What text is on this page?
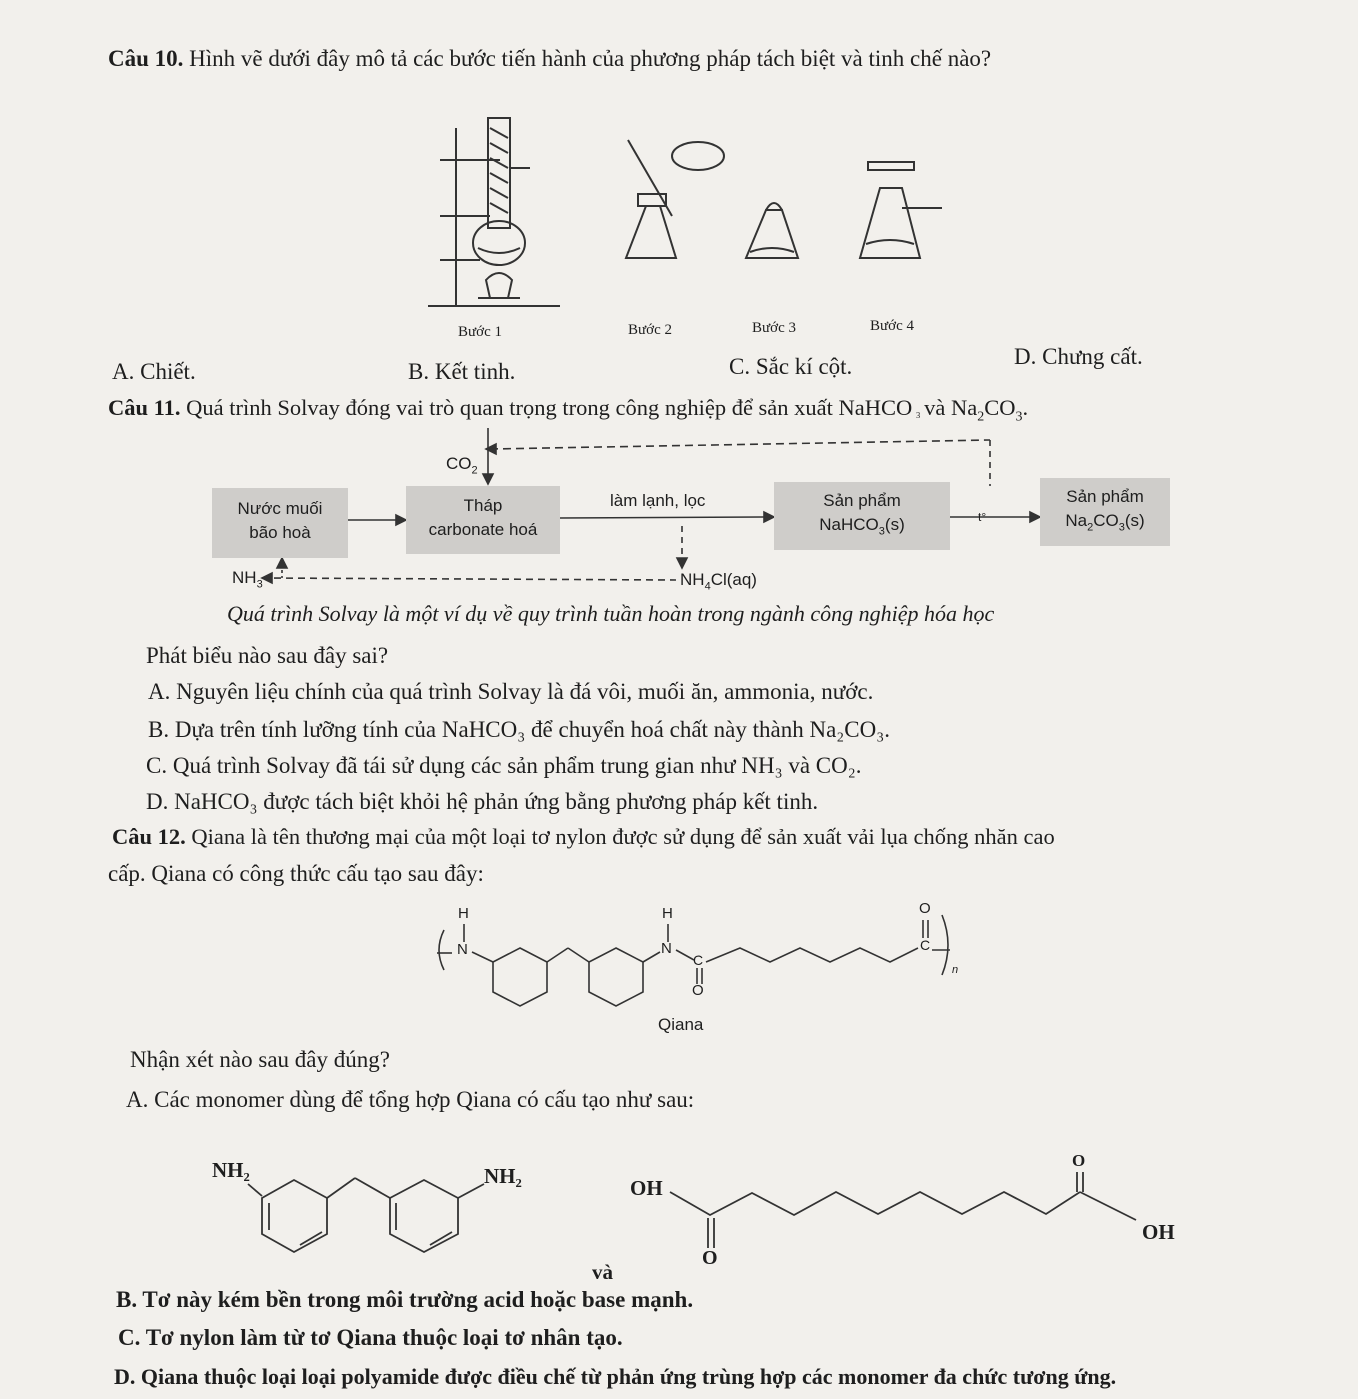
Câu 10. Hình vẽ dưới đây mô tả các bước tiến hành của phương pháp tách biệt và tinh chế nào?
Bước 1	Bước 2	Bước 3	Bước 4
A. Chiết.	B. Kết tinh.	C. Sắc kí cột.	D. Chưng cất.
Câu 11. Quá trình Solvay đóng vai trò quan trọng trong công nghiệp để sản xuất NaHCO ₃ và $Na_2CO_3$.
$CO_2$
Nước muối
bão hoà
Tháp
carbonate hoá
làm lạnh, lọc	Sản phẩm
NaHCO$_3$(s)	t°
Sản phẩm
$Na_2CO_3(s)$
$NH_3$	$NH_4Cl(aq)$
Quá trình Solvay là một ví dụ về quy trình tuần hoàn trong ngành công nghiệp hóa học
Phát biểu nào sau đây sai?
A. Nguyên liệu chính của quá trình Solvay là đá vôi, muối ăn, ammonia, nước.
B. Dựa trên tính lưỡng tính của NaHCO₃ để chuyển hoá chất này thành Na₂CO₃.
C. Quá trình Solvay đã tái sử dụng các sản phẩm trung gian như NH₃ và CO₂.
D. NaHCO₃ được tách biệt khỏi hệ phản ứng bằng phương pháp kết tinh.
Câu 12. Qiana là tên thương mại của một loại tơ nylon được sử dụng để sản xuất vải lụa chống nhăn cao
cấp. Qiana có công thức cấu tạo sau đây:
H
N
H
N
C
O
O
C
n
Qiana
Nhận xét nào sau đây đúng?
A. Các monomer dùng để tổng hợp Qiana có cấu tạo như sau:
NH₂	NH₂	OH
OH
O
O
và
B. Tơ này kém bền trong môi trường acid hoặc base mạnh.
C. Tơ nylon làm từ tơ Qiana thuộc loại tơ nhân tạo.
D. Qiana thuộc loại loại polyamide được điều chế từ phản ứng trùng hợp các monomer đa chức tương ứng.
